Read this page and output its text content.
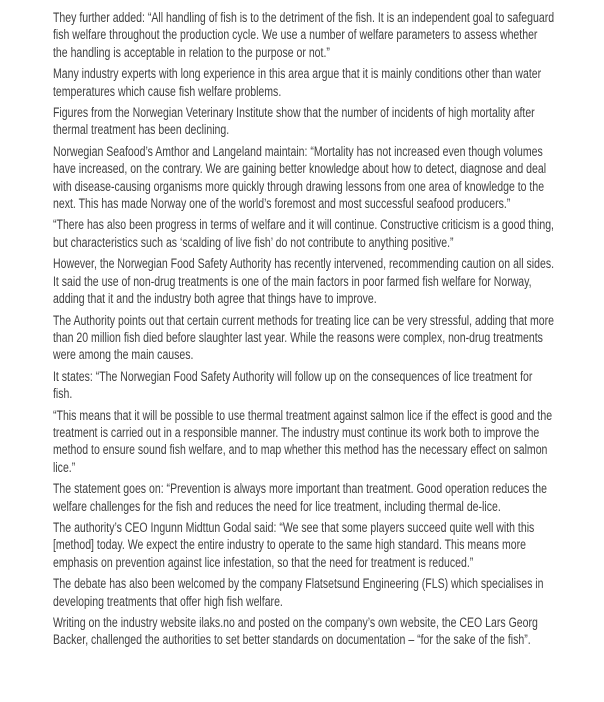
They further added: “All handling of fish is to the detriment of the fish. It is an independent goal to safeguard fish welfare throughout the production cycle. We use a number of welfare parameters to assess whether the handling is acceptable in relation to the purpose or not.”

Many industry experts with long experience in this area argue that it is mainly conditions other than water temperatures which cause fish welfare problems.

Figures from the Norwegian Veterinary Institute show that the number of incidents of high mortality after thermal treatment has been declining.

Norwegian Seafood’s Amthor and Langeland maintain: “Mortality has not increased even though volumes have increased, on the contrary. We are gaining better knowledge about how to detect, diagnose and deal with disease-causing organisms more quickly through drawing lessons from one area of knowledge to the next. This has made Norway one of the world’s foremost and most successful seafood producers.”

“There has also been progress in terms of welfare and it will continue. Constructive criticism is a good thing, but characteristics such as ‘scalding of live fish’ do not contribute to anything positive.”

However, the Norwegian Food Safety Authority has recently intervened, recommending caution on all sides. It said the use of non-drug treatments is one of the main factors in poor farmed fish welfare for Norway, adding that it and the industry both agree that things have to improve.

The Authority points out that certain current methods for treating lice can be very stressful, adding that more than 20 million fish died before slaughter last year. While the reasons were complex, non-drug treatments were among the main causes.

It states: “The Norwegian Food Safety Authority will follow up on the consequences of lice treatment for fish.

“This means that it will be possible to use thermal treatment against salmon lice if the effect is good and the treatment is carried out in a responsible manner. The industry must continue its work both to improve the method to ensure sound fish welfare, and to map whether this method has the necessary effect on salmon lice.”

The statement goes on: “Prevention is always more important than treatment. Good operation reduces the welfare challenges for the fish and reduces the need for lice treatment, including thermal de-lice.

The authority’s CEO Ingunn Midttun Godal said: “We see that some players succeed quite well with this [method] today. We expect the entire industry to operate to the same high standard. This means more emphasis on prevention against lice infestation, so that the need for treatment is reduced.”

The debate has also been welcomed by the company Flatsetsund Engineering (FLS) which specialises in developing treatments that offer high fish welfare.

Writing on the industry website ilaks.no and posted on the company’s own website, the CEO Lars Georg Backer, challenged the authorities to set better standards on documentation – “for the sake of the fish”.
